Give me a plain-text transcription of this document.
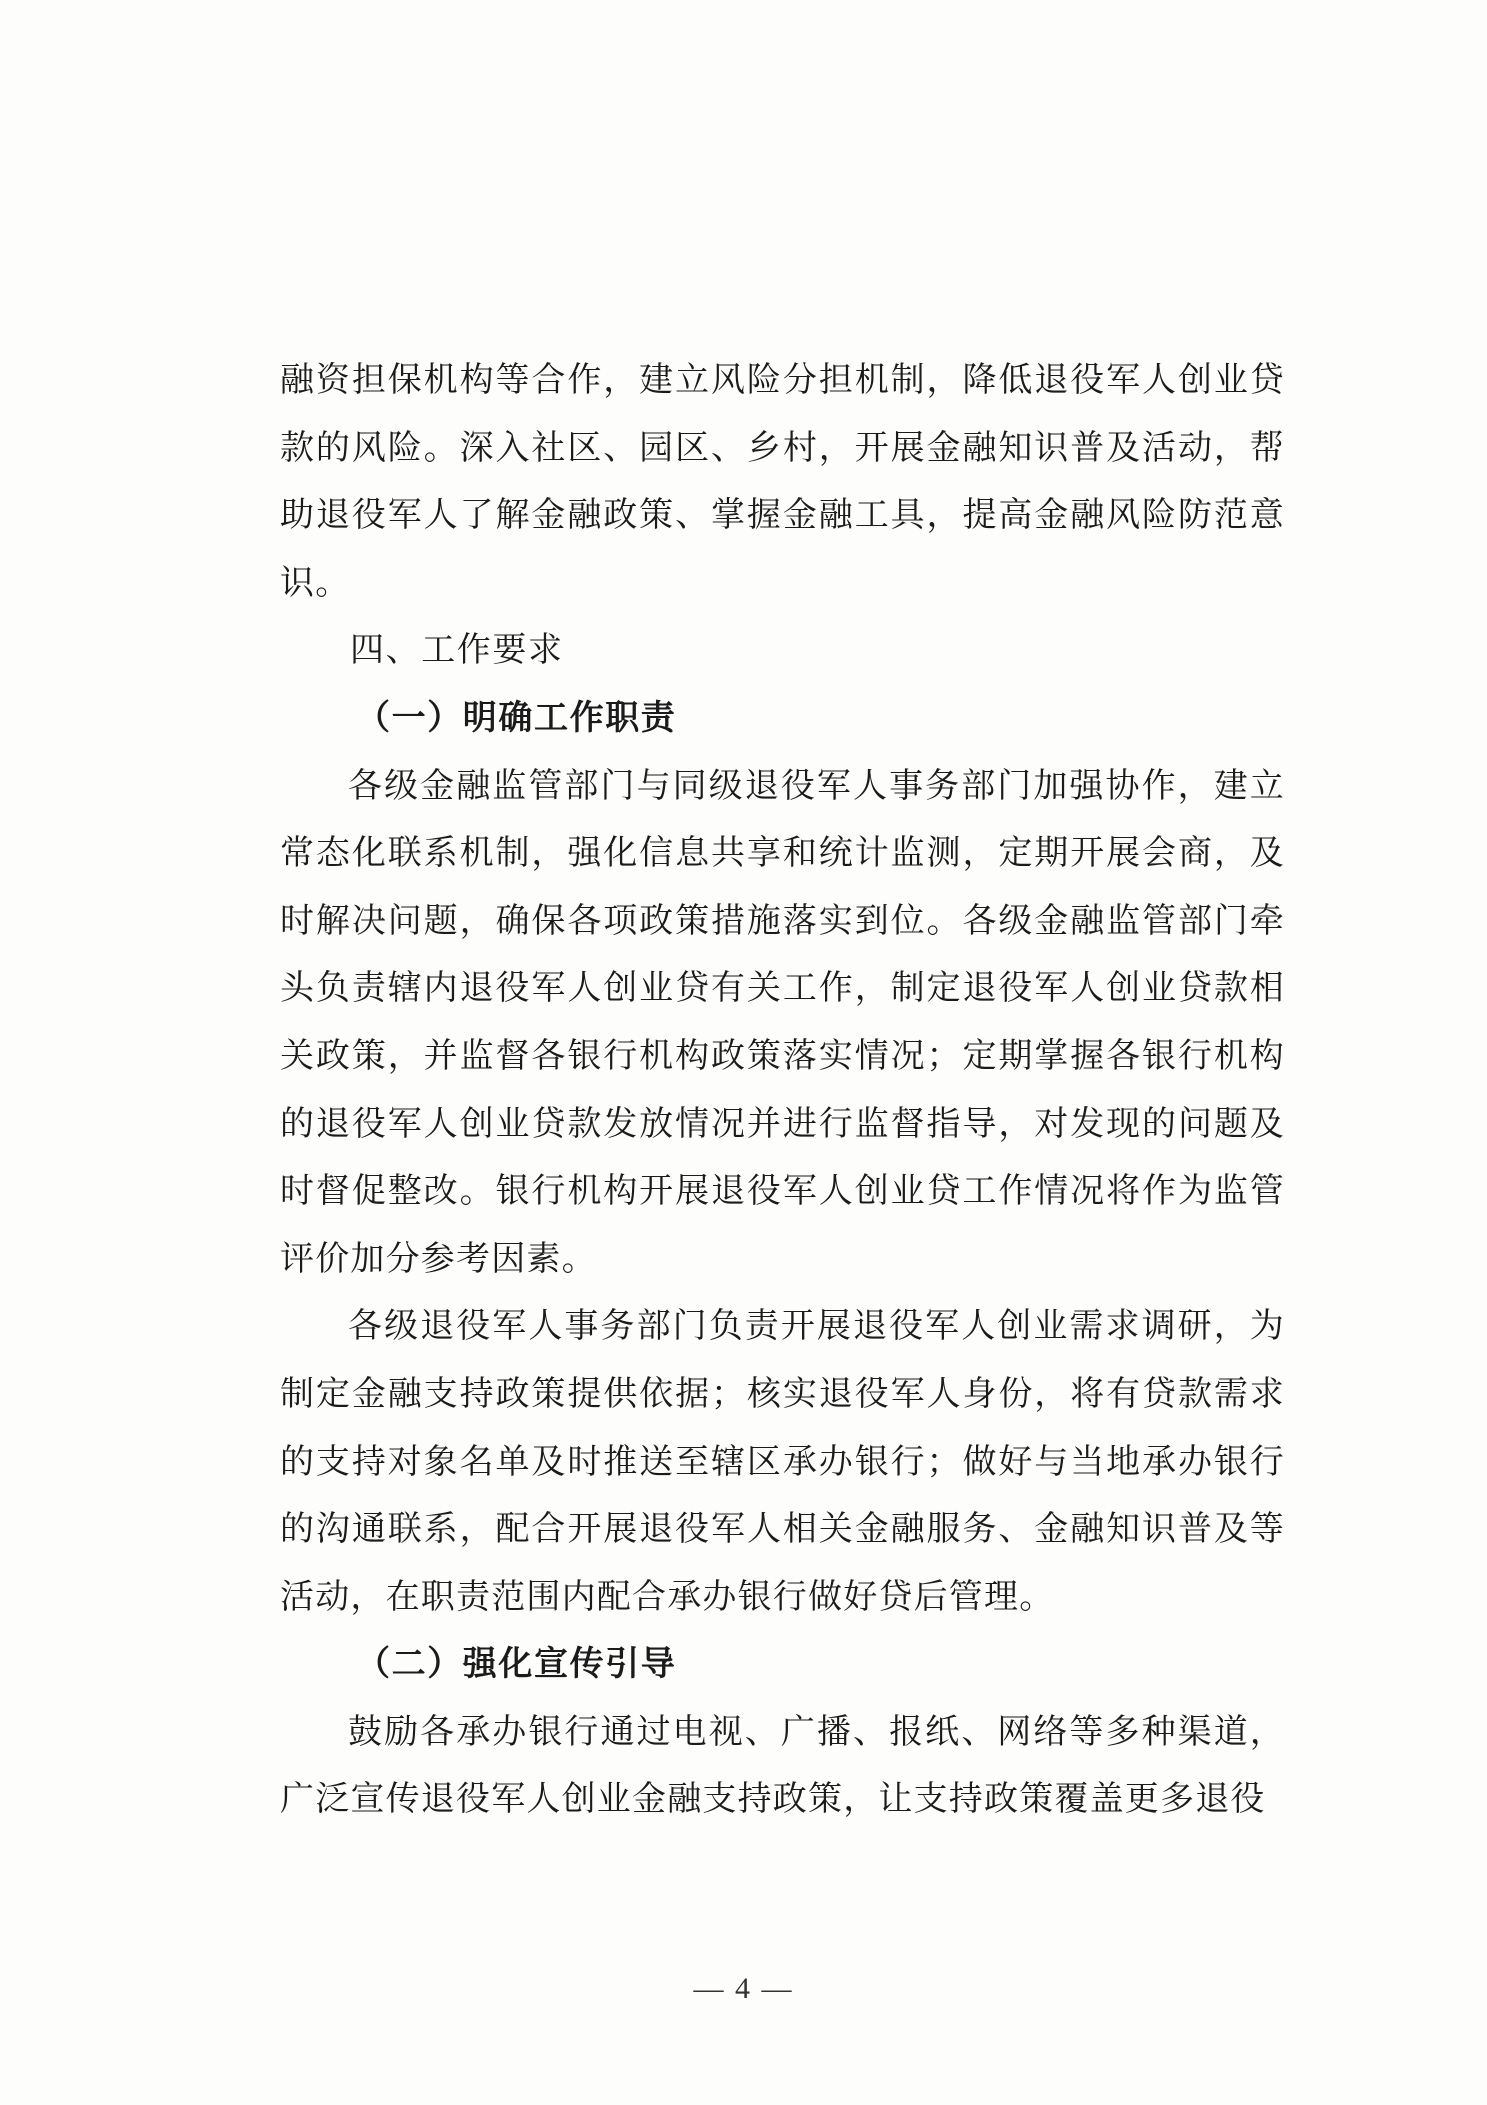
融资担保机构等合作，建立风险分担机制，降低退役军人创业贷款的风险。深入社区、园区、乡村，开展金融知识普及活动，帮助退役军人了解金融政策、掌握金融工具，提高金融风险防范意识。

四、工作要求

（一）明确工作职责

各级金融监管部门与同级退役军人事务部门加强协作，建立常态化联系机制，强化信息共享和统计监测，定期开展会商，及时解决问题，确保各项政策措施落实到位。各级金融监管部门牵头负责辖内退役军人创业贷有关工作，制定退役军人创业贷款相关政策，并监督各银行机构政策落实情况；定期掌握各银行机构的退役军人创业贷款发放情况并进行监督指导，对发现的问题及时督促整改。银行机构开展退役军人创业贷工作情况将作为监管评价加分参考因素。

各级退役军人事务部门负责开展退役军人创业需求调研，为制定金融支持政策提供依据；核实退役军人身份，将有贷款需求的支持对象名单及时推送至辖区承办银行；做好与当地承办银行的沟通联系，配合开展退役军人相关金融服务、金融知识普及等活动，在职责范围内配合承办银行做好贷后管理。

（二）强化宣传引导

鼓励各承办银行通过电视、广播、报纸、网络等多种渠道，广泛宣传退役军人创业金融支持政策，让支持政策覆盖更多退役

— 4 —
